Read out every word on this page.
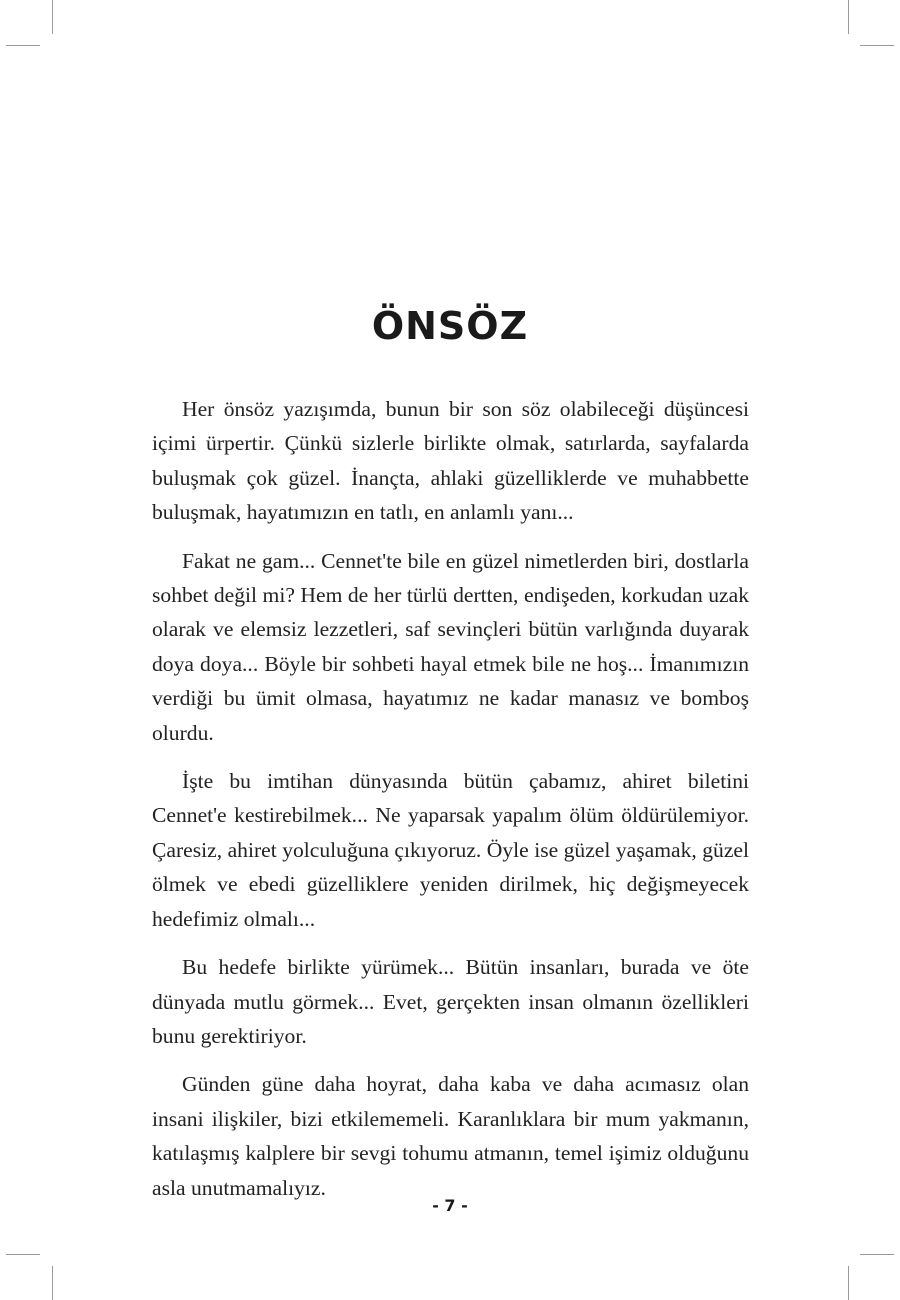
ÖNSÖZ

Her önsöz yazışımda, bunun bir son söz olabileceği düşüncesi içimi ürpertir. Çünkü sizlerle birlikte olmak, satırlarda, sayfalarda buluşmak çok güzel. İnançta, ahlaki güzelliklerde ve muhabbette buluşmak, hayatımızın en tatlı, en anlamlı yanı...

Fakat ne gam... Cennet'te bile en güzel nimetlerden biri, dostlarla sohbet değil mi? Hem de her türlü dertten, endişeden, korkudan uzak olarak ve elemsiz lezzetleri, saf sevinçleri bütün varlığında duyarak doya doya... Böyle bir sohbeti hayal etmek bile ne hoş... İmanımızın verdiği bu ümit olmasa, hayatımız ne kadar manasız ve bomboş olurdu.

İşte bu imtihan dünyasında bütün çabamız, ahiret biletini Cennet'e kestirebilmek... Ne yaparsak yapalım ölüm öldürülemiyor. Çaresiz, ahiret yolculuğuna çıkıyoruz. Öyle ise güzel yaşamak, güzel ölmek ve ebedi güzelliklere yeniden dirilmek, hiç değişmeyecek hedefimiz olmalı...

Bu hedefe birlikte yürümek... Bütün insanları, burada ve öte dünyada mutlu görmek... Evet, gerçekten insan olmanın özellikleri bunu gerektiriyor.

Günden güne daha hoyrat, daha kaba ve daha acımasız olan insani ilişkiler, bizi etkilememeli. Karanlıklara bir mum yakmanın, katılaşmış kalplere bir sevgi tohumu atmanın, temel işimiz olduğunu asla unutmamalıyız.

- 7 -
